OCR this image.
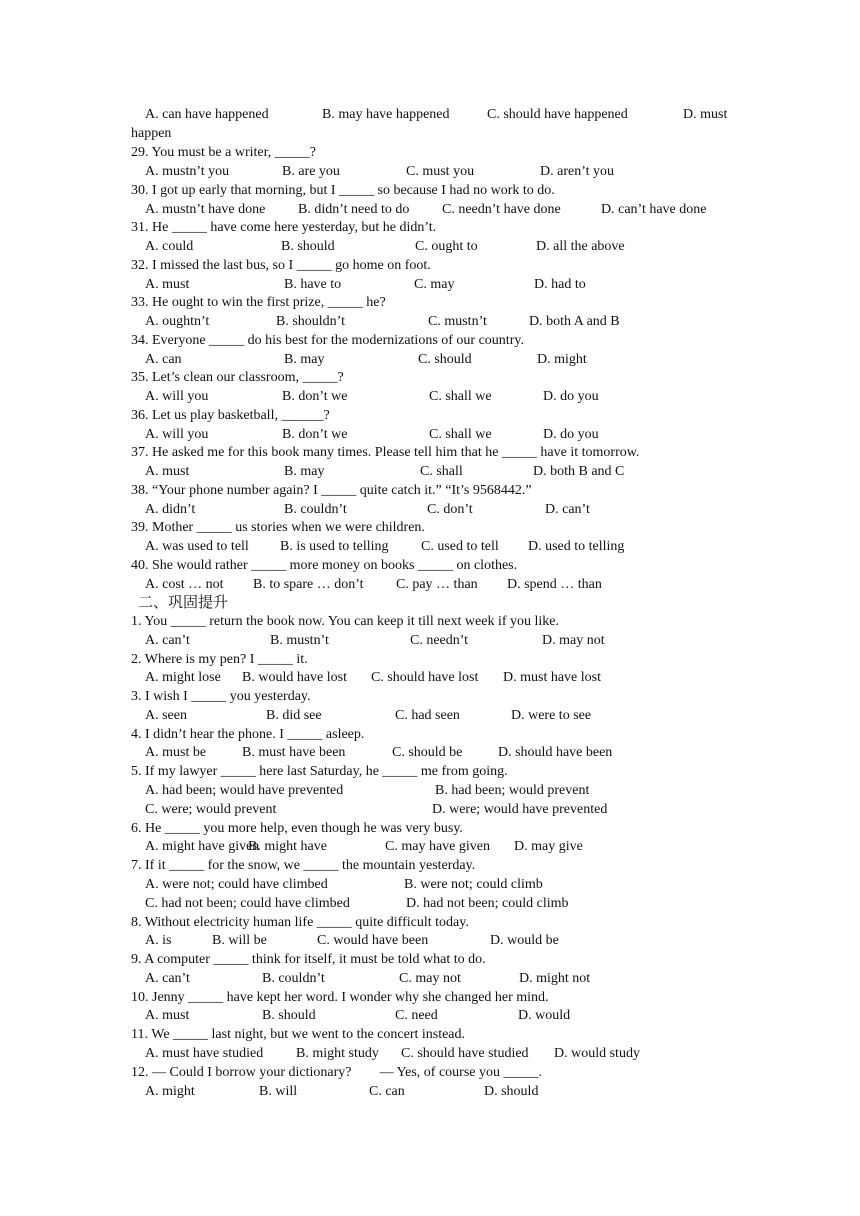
A. can have happened	B. may have happened	C. should have happened	D. must
happen
29. You must be a writer, _____?
A. mustn’t you	B. are you	C. must you	D. aren’t you
30. I got up early that morning, but I _____ so because I had no work to do.
A. mustn’t have done B. didn’t need to do C. needn’t have done	D. can’t have done
31. He _____ have come here yesterday, but he didn’t.
A. could	B. should	C. ought to	D. all the above
32. I missed the last bus, so I _____ go home on foot.
A. must	B. have to	C. may	D. had to
33. He ought to win the first prize, _____ he?
A. oughtn’t	B. shouldn’t	C. mustn’t	D. both A and B
34. Everyone _____ do his best for the modernizations of our country.
A. can	B. may	C. should	D. might
35. Let’s clean our classroom, _____?
A. will you	B. don’t we	C. shall we	D. do you
36. Let us play basketball, ______?
A. will you	B. don’t we	C. shall we	D. do you
37. He asked me for this book many times. Please tell him that he _____ have it tomorrow.
A. must	B. may	C. shall	D. both B and C
38. “Your phone number again? I _____ quite catch it.” “It’s 9568442.”
A. didn’t	B. couldn’t	C. don’t	D. can’t
39. Mother _____ us stories when we were children.
A. was used to tell B. is used to telling C. used to tell D. used to telling
40. She would rather _____ more money on books _____ on clothes.
A. cost … not B. to spare … don’t C. pay … than D. spend … than
二、巩固提升
1. You _____ return the book now. You can keep it till next week if you like.
A. can’t	B. mustn’t	C. needn’t	D. may not
2. Where is my pen? I _____ it.
A. might lose B. would have lost C. should have lost D. must have lost
3. I wish I _____ you yesterday.
A. seen	B. did see	C. had seen	D. were to see
4. I didn’t hear the phone. I _____ asleep.
A. must be	B. must have been	C. should be	D. should have been
5. If my lawyer _____ here last Saturday, he _____ me from going.
A. had been; would have prevented	B. had been; would prevent
C. were; would prevent	D. were; would have prevented
6. He _____ you more help, even though he was very busy.
A. might have given
B. might have	C. may have given D. may give
7. If it _____ for the snow, we _____ the mountain yesterday.
A. were not; could have climbed	B. were not; could climb
C. had not been; could have climbed	D. had not been; could climb
8. Without electricity human life _____ quite difficult today.
A. is	B. will be	C. would have been	D. would be
9. A computer _____ think for itself, it must be told what to do.
A. can’t	B. couldn’t	C. may not	D. might not
10. Jenny _____ have kept her word. I wonder why she changed her mind.
A. must	B. should	C. need	D. would
11. We _____ last night, but we went to the concert instead.
A. must have studied B. might study C. should have studied D. would study
12. — Could I borrow your dictionary?　　— Yes, of course you _____.
A. might	B. will	C. can	D. should
